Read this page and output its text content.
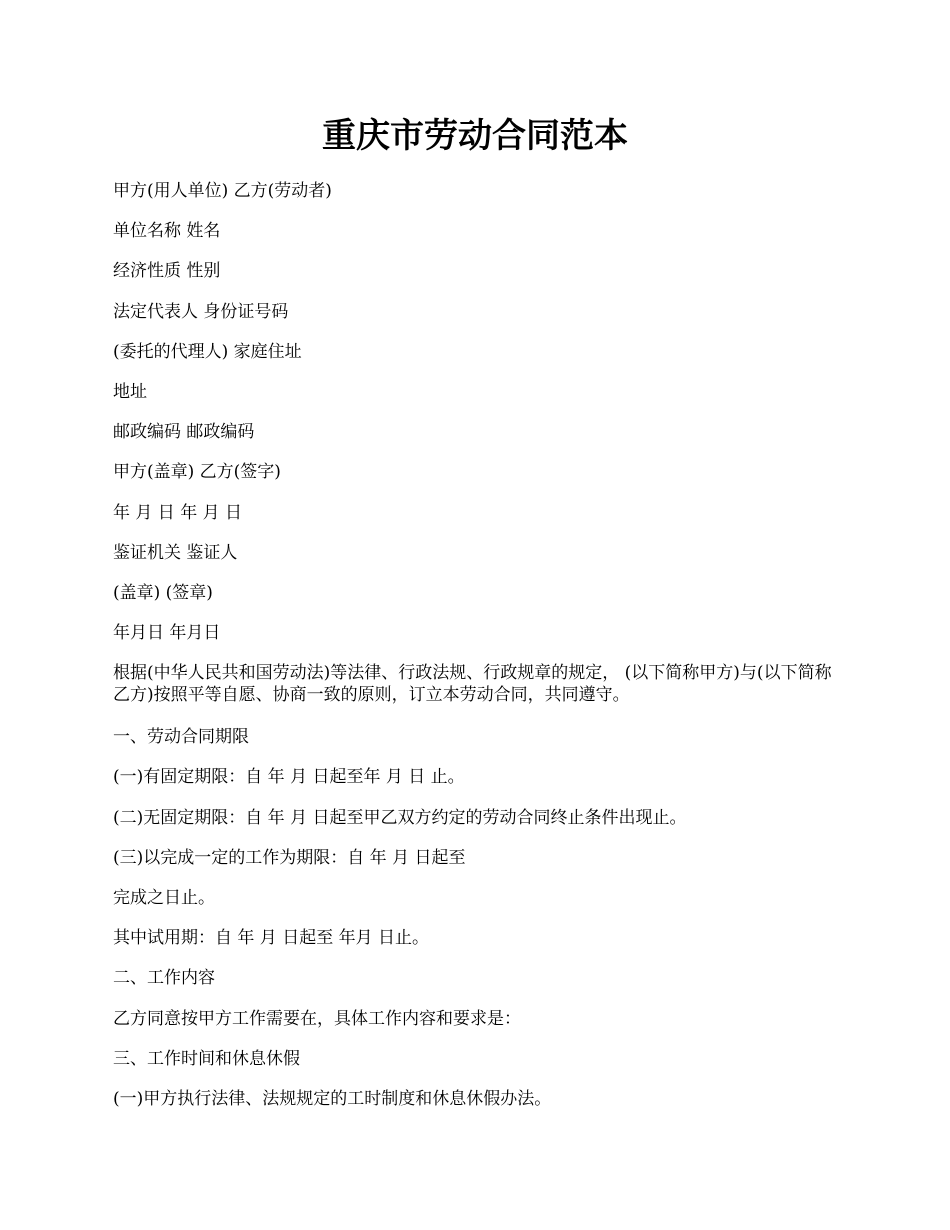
重庆市劳动合同范本

甲方(用人单位) 乙方(劳动者)

单位名称 姓名

经济性质 性别

法定代表人 身份证号码

(委托的代理人) 家庭住址

地址

邮政编码 邮政编码

甲方(盖章) 乙方(签字)

年 月 日 年 月 日

鉴证机关 鉴证人

(盖章) (签章)

年月日 年月日

根据(中华人民共和国劳动法)等法律、行政法规、行政规章的规定， (以下简称甲方)与(以下简称乙方)按照平等自愿、协商一致的原则，订立本劳动合同，共同遵守。

一、劳动合同期限

(一)有固定期限：自 年 月 日起至年 月 日 止。

(二)无固定期限：自 年 月 日起至甲乙双方约定的劳动合同终止条件出现止。

(三)以完成一定的工作为期限：自 年 月 日起至

完成之日止。

其中试用期：自 年 月 日起至 年月 日止。

二、工作内容

乙方同意按甲方工作需要在，具体工作内容和要求是：

三、工作时间和休息休假

(一)甲方执行法律、法规规定的工时制度和休息休假办法。
